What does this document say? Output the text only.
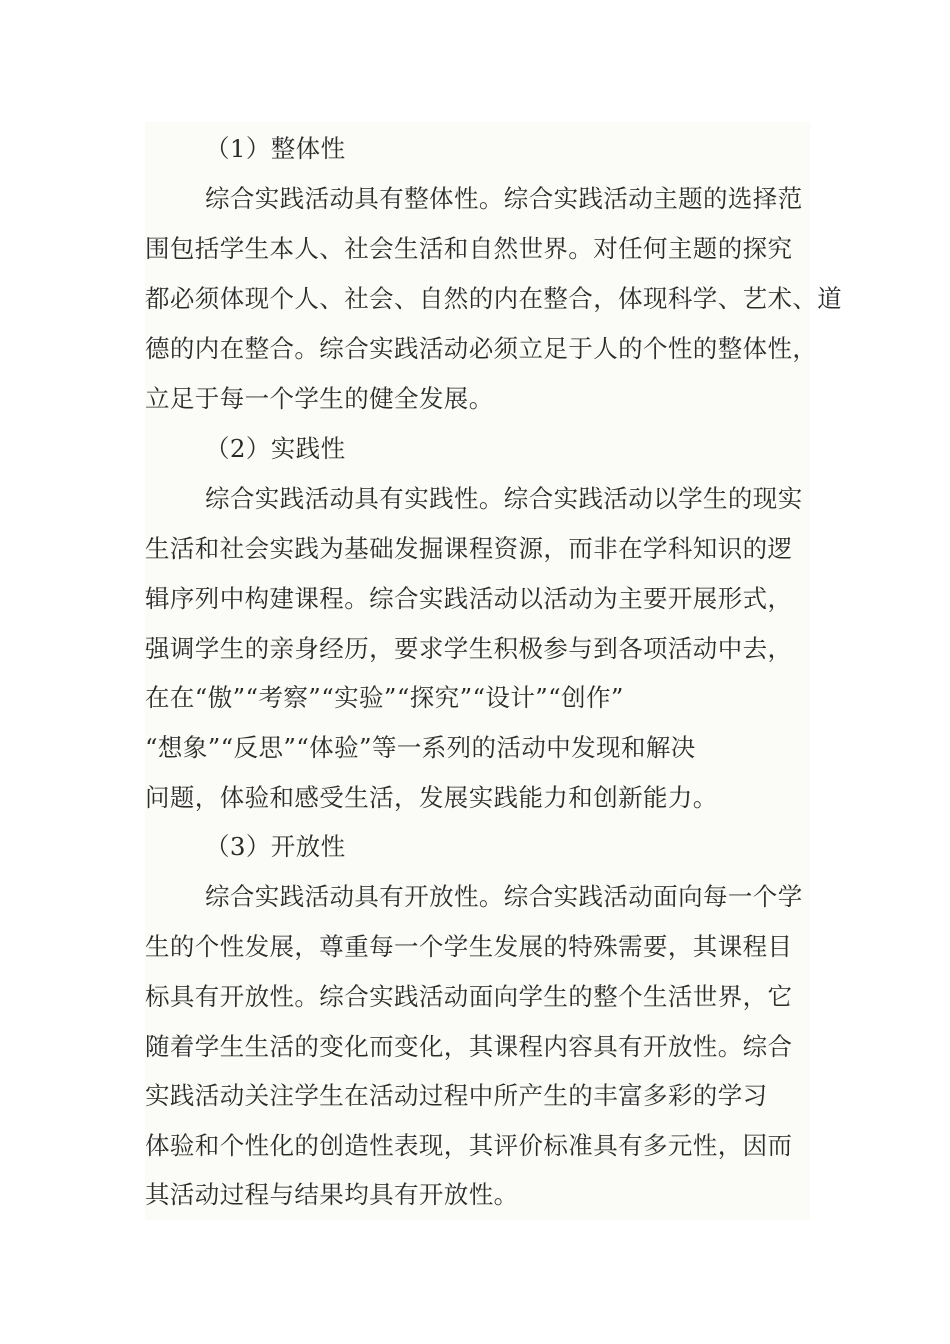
（1）整体性
综合实践活动具有整体性。综合实践活动主题的选择范
围包括学生本人、社会生活和自然世界。对任何主题的探究
都必须体现个人、社会、自然的内在整合，体现科学、艺术、道
德的内在整合。综合实践活动必须立足于人的个性的整体性，
立足于每一个学生的健全发展。
（2）实践性
综合实践活动具有实践性。综合实践活动以学生的现实
生活和社会实践为基础发掘课程资源，而非在学科知识的逻
辑序列中构建课程。综合实践活动以活动为主要开展形式，
强调学生的亲身经历，要求学生积极参与到各项活动中去，
在在“傲”“考察”“实验”“探究”“设计”“创作”
“想象”“反思”“体验”等一系列的活动中发现和解决
问题，体验和感受生活，发展实践能力和创新能力。
（3）开放性
综合实践活动具有开放性。综合实践活动面向每一个学
生的个性发展，尊重每一个学生发展的特殊需要，其课程目
标具有开放性。综合实践活动面向学生的整个生活世界，它
随着学生生活的变化而变化，其课程内容具有开放性。综合
实践活动关注学生在活动过程中所产生的丰富多彩的学习
体验和个性化的创造性表现，其评价标准具有多元性，因而
其活动过程与结果均具有开放性。
